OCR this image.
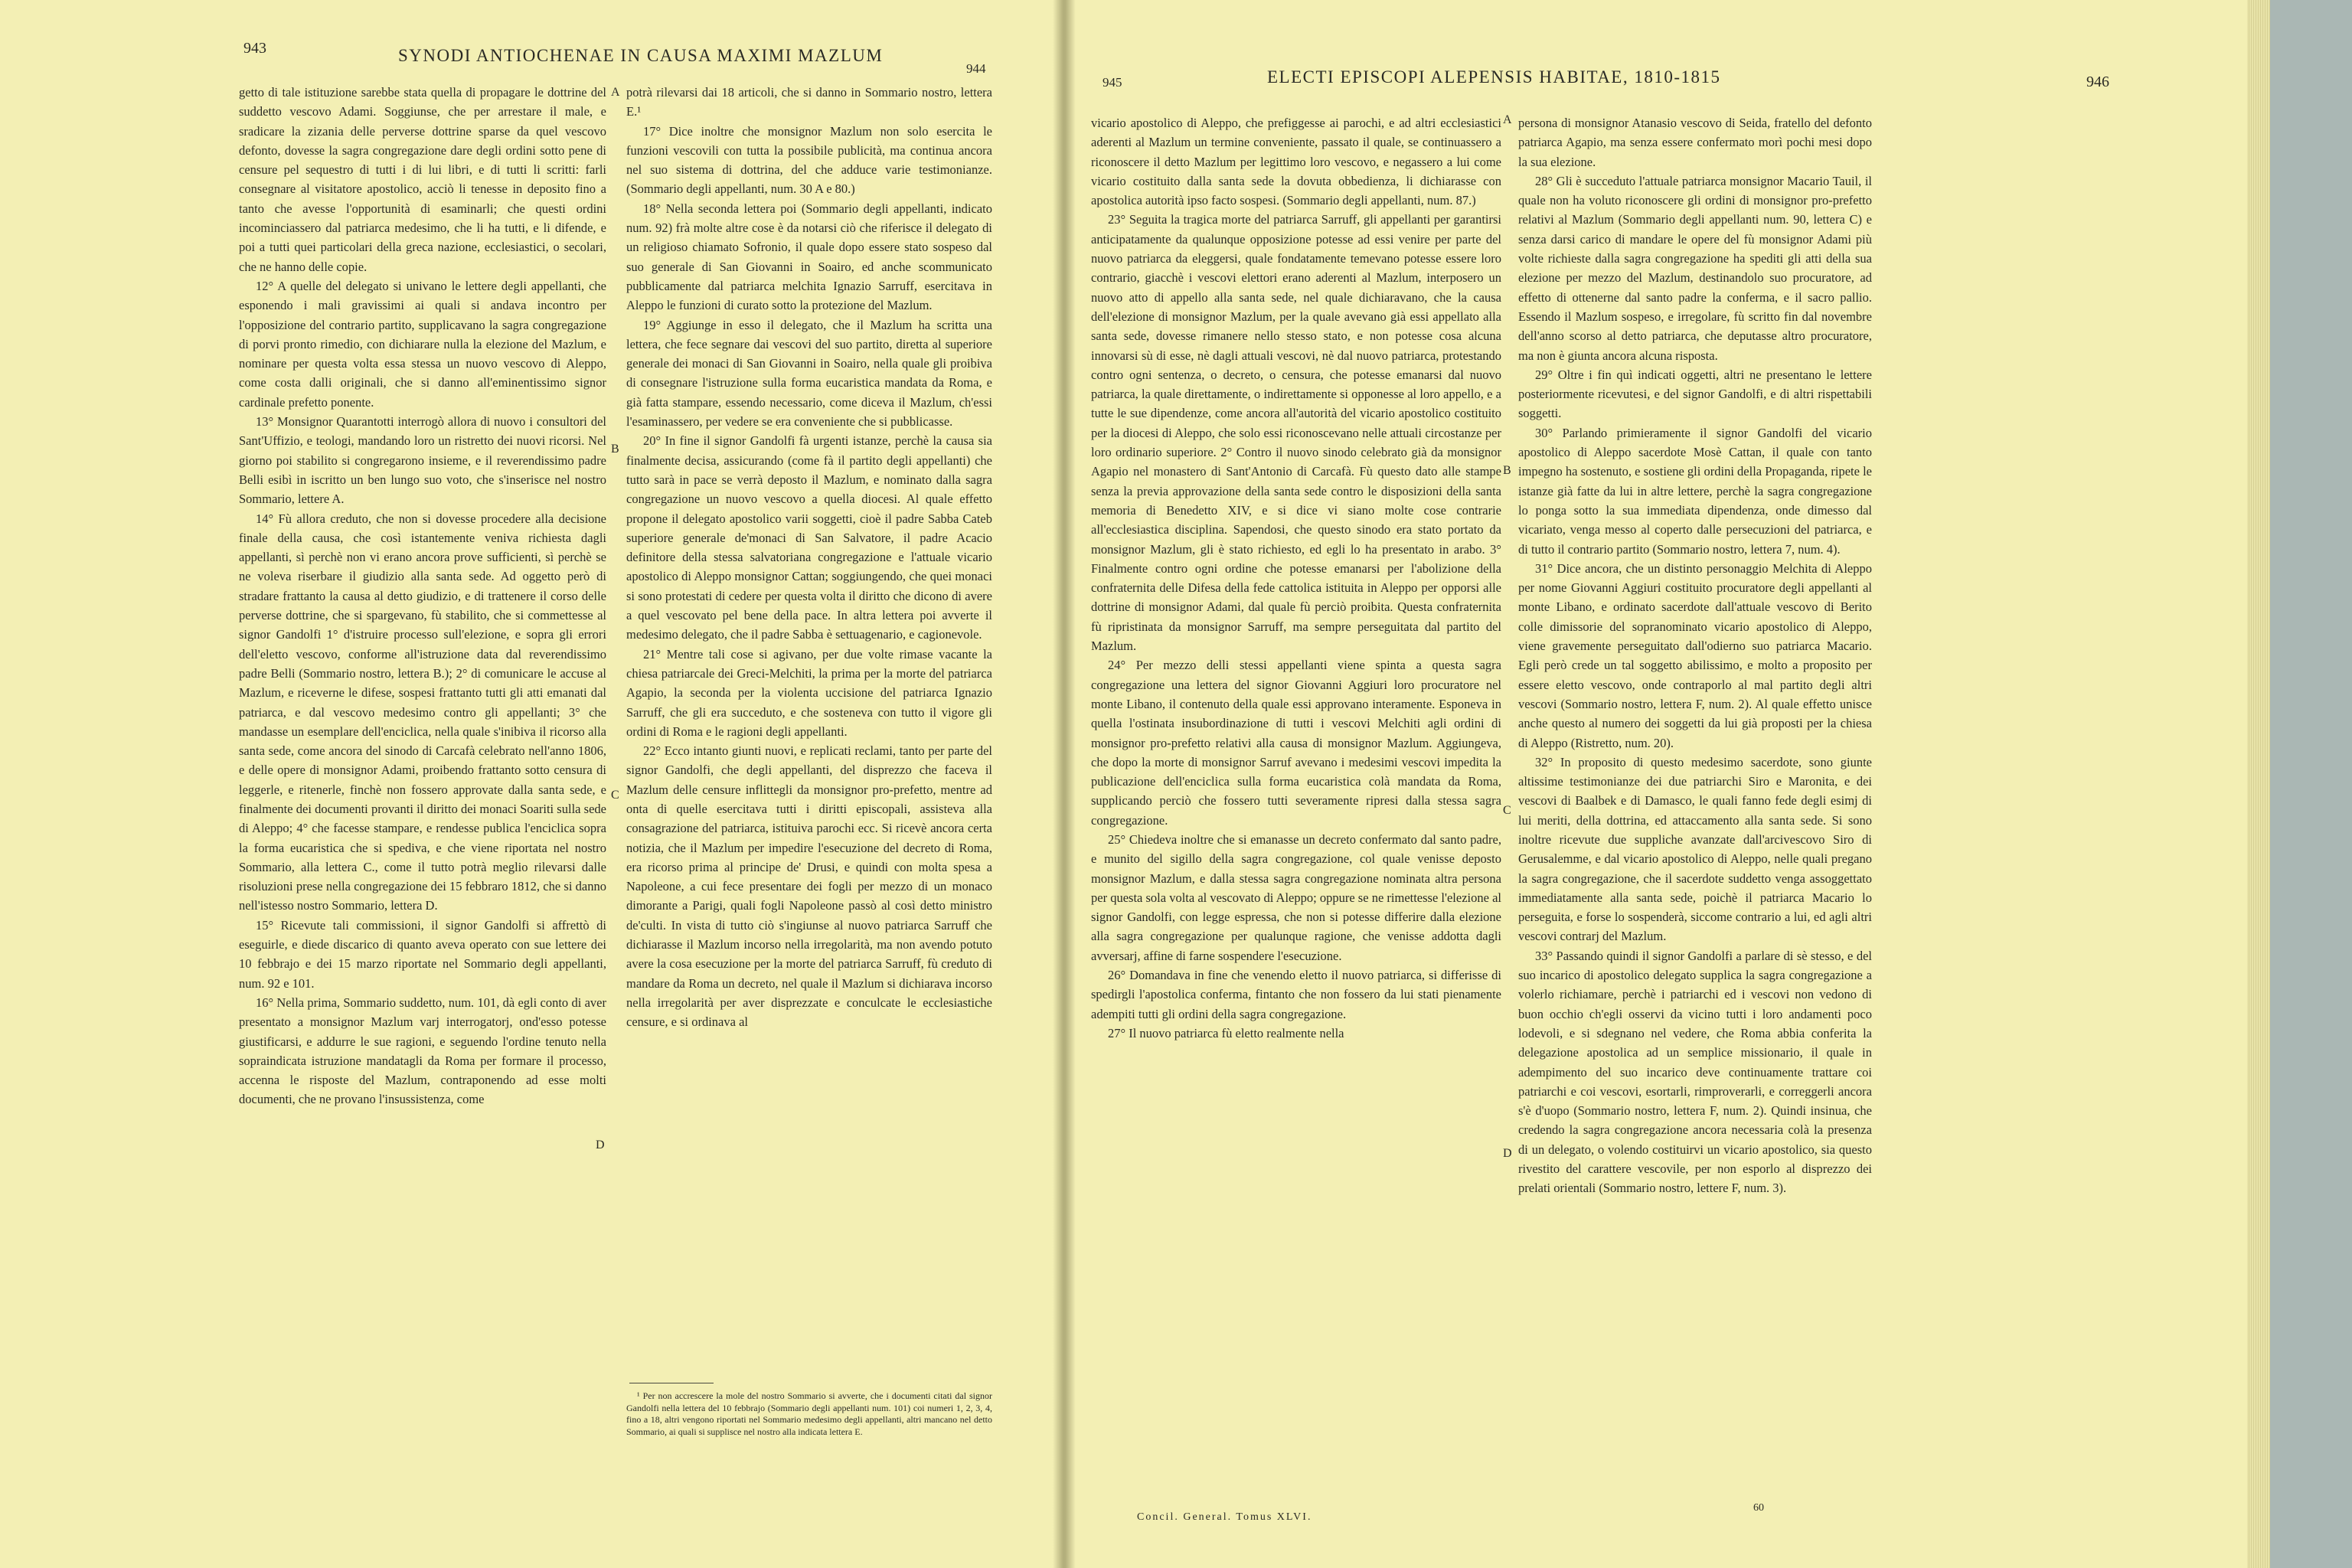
943	SYNODI ANTIOCHENAE IN CAUSA MAXIMI MAZLUM
944

getto di tale istituzione sarebbe stata quella di propagare le dottrine del suddetto vescovo Adami. Soggiunse, che per arrestare il male, e sradicare la zizania delle perverse dottrine sparse da quel vescovo defonto, dovesse la sagra congregazione dare degli ordini sotto pene di censure pel sequestro di tutti i di lui libri, e di tutti li scritti: farli consegnare al visitatore apostolico, acciò li tenesse in deposito fino a tanto che avesse l'opportunità di esaminarli; che questi ordini incominciassero dal patriarca medesimo, che li ha tutti, e li difende, e poi a tutti quei particolari della greca nazione, ecclesiastici, o secolari, che ne hanno delle copie.

12° A quelle del delegato si univano le lettere degli appellanti, che esponendo i mali gravissimi ai quali si andava incontro per l'opposizione del contrario partito, supplicavano la sagra congregazione di porvi pronto rimedio, con dichiarare nulla la elezione del Mazlum, e nominare per questa volta essa stessa un nuovo vescovo di Aleppo, come costa dalli originali, che si danno all'eminentissimo signor cardinale prefetto ponente.

13° Monsignor Quarantotti interrogò allora di nuovo i consultori del Sant'Uffizio, e teologi, mandando loro un ristretto dei nuovi ricorsi. Nel giorno poi stabilito si congregarono insieme, e il reverendissimo padre Belli esibì in iscritto un ben lungo suo voto, che s'inserisce nel nostro Sommario, lettere A.

14° Fù allora creduto, che non si dovesse procedere alla decisione finale della causa, che così istantemente veniva richiesta dagli appellanti, sì perchè non vi erano ancora prove sufficienti, sì perchè se ne voleva riserbare il giudizio alla santa sede. Ad oggetto però di stradare frattanto la causa al detto giudizio, e di trattenere il corso delle perverse dottrine, che si spargevano, fù stabilito, che si commettesse al signor Gandolfi 1° d'istruire processo sull'elezione, e sopra gli errori dell'eletto vescovo, conforme all'istruzione data dal reverendissimo padre Belli (Sommario nostro, lettera B.); 2° di comunicare le accuse al Mazlum, e riceverne le difese, sospesi frattanto tutti gli atti emanati dal patriarca, e dal vescovo medesimo contro gli appellanti; 3° che mandasse un esemplare dell'enciclica, nella quale s'inibiva il ricorso alla santa sede, come ancora del sinodo di Carcafà celebrato nell'anno 1806, e delle opere di monsignor Adami, proibendo frattanto sotto censura di leggerle, e ritenerle, finchè non fossero approvate dalla santa sede, e finalmente dei documenti provanti il diritto dei monaci Soariti sulla sede di Aleppo; 4° che facesse stampare, e rendesse publica l'enciclica sopra la forma eucaristica che si spediva, e che viene riportata nel nostro Sommario, alla lettera C., come il tutto potrà meglio rilevarsi dalle risoluzioni prese nella congregazione dei 15 febbraro 1812, che si danno nell'istesso nostro Sommario, lettera D.

15° Ricevute tali commissioni, il signor Gandolfi si affrettò di eseguirle, e diede discarico di quanto aveva operato con sue lettere dei 10 febbrajo e dei 15 marzo riportate nel Sommario degli appellanti, num. 92 e 101.

16° Nella prima, Sommario suddetto, num. 101, dà egli conto di aver presentato a monsignor Mazlum varj interrogatorj, ond'esso potesse giustificarsi, e addurre le sue ragioni, e seguendo l'ordine tenuto nella sopraindicata istruzione mandatagli da Roma per formare il processo, accenna le risposte del Mazlum, contraponendo ad esse molti documenti, che ne provano l'insussistenza, come

potrà rilevarsi dai 18 articoli, che si danno in Sommario nostro, lettera E.¹

17° Dice inoltre che monsignor Mazlum non solo esercita le funzioni vescovili con tutta la possibile publicità, ma continua ancora nel suo sistema di dottrina, del che adduce varie testimonianze. (Sommario degli appellanti, num. 30 A e 80.)

18° Nella seconda lettera poi (Sommario degli appellanti, indicato num. 92) frà molte altre cose è da notarsi ciò che riferisce il delegato di un religioso chiamato Sofronio, il quale dopo essere stato sospeso dal suo generale di San Giovanni in Soairo, ed anche scommunicato pubblicamente dal patriarca melchita Ignazio Sarruff, esercitava in Aleppo le funzioni di curato sotto la protezione del Mazlum.

19° Aggiunge in esso il delegato, che il Mazlum ha scritta una lettera, che fece segnare dai vescovi del suo partito, diretta al superiore generale dei monaci di San Giovanni in Soairo, nella quale gli proibiva di consegnare l'istruzione sulla forma eucaristica mandata da Roma, e già fatta stampare, essendo necessario, come diceva il Mazlum, ch'essi l'esaminassero, per vedere se era conveniente che si pubblicasse.

20° In fine il signor Gandolfi fà urgenti istanze, perchè la causa sia finalmente decisa, assicurando (come fà il partito degli appellanti) che tutto sarà in pace se verrà deposto il Mazlum, e nominato dalla sagra congregazione un nuovo vescovo a quella diocesi. Al quale effetto propone il delegato apostolico varii soggetti, cioè il padre Sabba Cateb superiore generale de'monaci di San Salvatore, il padre Acacio definitore della stessa salvatoriana congregazione e l'attuale vicario apostolico di Aleppo monsignor Cattan; soggiungendo, che quei monaci si sono protestati di cedere per questa volta il diritto che dicono di avere a quel vescovato pel bene della pace. In altra lettera poi avverte il medesimo delegato, che il padre Sabba è settuagenario, e cagionevole.

21° Mentre tali cose si agivano, per due volte rimase vacante la chiesa patriarcale dei Greci-Melchiti, la prima per la morte del patriarca Agapio, la seconda per la violenta uccisione del patriarca Ignazio Sarruff, che gli era succeduto, e che sosteneva con tutto il vigore gli ordini di Roma e le ragioni degli appellanti.

22° Ecco intanto giunti nuovi, e replicati reclami, tanto per parte del signor Gandolfi, che degli appellanti, del disprezzo che faceva il Mazlum delle censure inflittegli da monsignor pro-prefetto, mentre ad onta di quelle esercitava tutti i diritti episcopali, assisteva alla consagrazione del patriarca, istituiva parochi ecc. Si ricevè ancora certa notizia, che il Mazlum per impedire l'esecuzione del decreto di Roma, era ricorso prima al principe de' Drusi, e quindi con molta spesa a Napoleone, a cui fece presentare dei fogli per mezzo di un monaco dimorante a Parigi, quali fogli Napoleone passò al così detto ministro de'culti. In vista di tutto ciò s'ingiunse al nuovo patriarca Sarruff che dichiarasse il Mazlum incorso nella irregolarità, ma non avendo potuto avere la cosa esecuzione per la morte del patriarca Sarruff, fù creduto di mandare da Roma un decreto, nel quale il Mazlum si dichiarava incorso nella irregolarità per aver disprezzate e conculcate le ecclesiastiche censure, e si ordinava al

A
B
C
D

¹ Per non accrescere la mole del nostro Sommario si avverte, che i documenti citati dal signor Gandolfi nella lettera del 10 febbrajo (Sommario degli appellanti num. 101) coi numeri 1, 2, 3, 4, fino a 18, altri vengono riportati nel Sommario medesimo degli appellanti, altri mancano nel detto Sommario, ai quali si supplisce nel nostro alla indicata lettera E.

945	ELECTI EPISCOPI ALEPENSIS HABITAE, 1810-1815	946

vicario apostolico di Aleppo, che prefiggesse ai parochi, e ad altri ecclesiastici aderenti al Mazlum un termine conveniente, passato il quale, se continuassero a riconoscere il detto Mazlum per legittimo loro vescovo, e negassero a lui come vicario costituito dalla santa sede la dovuta obbedienza, li dichiarasse con apostolica autorità ipso facto sospesi. (Sommario degli appellanti, num. 87.)

23° Seguita la tragica morte del patriarca Sarruff, gli appellanti per garantirsi anticipatamente da qualunque opposizione potesse ad essi venire per parte del nuovo patriarca da eleggersi, quale fondatamente temevano potesse essere loro contrario, giacchè i vescovi elettori erano aderenti al Mazlum, interposero un nuovo atto di appello alla santa sede, nel quale dichiaravano, che la causa dell'elezione di monsignor Mazlum, per la quale avevano già essi appellato alla santa sede, dovesse rimanere nello stesso stato, e non potesse cosa alcuna innovarsi sù di esse, nè dagli attuali vescovi, nè dal nuovo patriarca, protestando contro ogni sentenza, o decreto, o censura, che potesse emanarsi dal nuovo patriarca, la quale direttamente, o indirettamente si opponesse al loro appello, e a tutte le sue dipendenze, come ancora all'autorità del vicario apostolico costituito per la diocesi di Aleppo, che solo essi riconoscevano nelle attuali circostanze per loro ordinario superiore. 2° Contro il nuovo sinodo celebrato già da monsignor Agapio nel monastero di Sant'Antonio di Carcafà. Fù questo dato alle stampe senza la previa approvazione della santa sede contro le disposizioni della santa memoria di Benedetto XIV, e si dice vi siano molte cose contrarie all'ecclesiastica disciplina. Sapendosi, che questo sinodo era stato portato da monsignor Mazlum, gli è stato richiesto, ed egli lo ha presentato in arabo. 3° Finalmente contro ogni ordine che potesse emanarsi per l'abolizione della confraternita delle Difesa della fede cattolica istituita in Aleppo per opporsi alle dottrine di monsignor Adami, dal quale fù perciò proibita. Questa confraternita fù ripristinata da monsignor Sarruff, ma sempre perseguitata dal partito del Mazlum.

24° Per mezzo delli stessi appellanti viene spinta a questa sagra congregazione una lettera del signor Giovanni Aggiuri loro procuratore nel monte Libano, il contenuto della quale essi approvano interamente. Esponeva in quella l'ostinata insubordinazione di tutti i vescovi Melchiti agli ordini di monsignor pro-prefetto relativi alla causa di monsignor Mazlum. Aggiungeva, che dopo la morte di monsignor Sarruf avevano i medesimi vescovi impedita la publicazione dell'enciclica sulla forma eucaristica colà mandata da Roma, supplicando perciò che fossero tutti severamente ripresi dalla stessa sagra congregazione.

25° Chiedeva inoltre che si emanasse un decreto confermato dal santo padre, e munito del sigillo della sagra congregazione, col quale venisse deposto monsignor Mazlum, e dalla stessa sagra congregazione nominata altra persona per questa sola volta al vescovato di Aleppo; oppure se ne rimettesse l'elezione al signor Gandolfi, con legge espressa, che non si potesse differire dalla elezione alla sagra congregazione per qualunque ragione, che venisse addotta dagli avversarj, affine di farne sospendere l'esecuzione.

26° Domandava in fine che venendo eletto il nuovo patriarca, si differisse di spedirgli l'apostolica conferma, fintanto che non fossero da lui stati pienamente adempiti tutti gli ordini della sagra congregazione.

27° Il nuovo patriarca fù eletto realmente nella

persona di monsignor Atanasio vescovo di Seida, fratello del defonto patriarca Agapio, ma senza essere confermato morì pochi mesi dopo la sua elezione.

28° Gli è succeduto l'attuale patriarca monsignor Macario Tauil, il quale non ha voluto riconoscere gli ordini di monsignor pro-prefetto relativi al Mazlum (Sommario degli appellanti num. 90, lettera C) e senza darsi carico di mandare le opere del fù monsignor Adami più volte richieste dalla sagra congregazione ha spediti gli atti della sua elezione per mezzo del Mazlum, destinandolo suo procuratore, ad effetto di ottenerne dal santo padre la conferma, e il sacro pallio. Essendo il Mazlum sospeso, e irregolare, fù scritto fin dal novembre dell'anno scorso al detto patriarca, che deputasse altro procuratore, ma non è giunta ancora alcuna risposta.

29° Oltre i fin quì indicati oggetti, altri ne presentano le lettere posteriormente ricevutesi, e del signor Gandolfi, e di altri rispettabili soggetti.

30° Parlando primieramente il signor Gandolfi del vicario apostolico di Aleppo sacerdote Mosè Cattan, il quale con tanto impegno ha sostenuto, e sostiene gli ordini della Propaganda, ripete le istanze già fatte da lui in altre lettere, perchè la sagra congregazione lo ponga sotto la sua immediata dipendenza, onde dimesso dal vicariato, venga messo al coperto dalle persecuzioni del patriarca, e di tutto il contrario partito (Sommario nostro, lettera 7, num. 4).

31° Dice ancora, che un distinto personaggio Melchita di Aleppo per nome Giovanni Aggiuri costituito procuratore degli appellanti al monte Libano, e ordinato sacerdote dall'attuale vescovo di Berito colle dimissorie del sopranominato vicario apostolico di Aleppo, viene gravemente perseguitato dall'odierno suo patriarca Macario. Egli però crede un tal soggetto abilissimo, e molto a proposito per essere eletto vescovo, onde contraporlo al mal partito degli altri vescovi (Sommario nostro, lettera F, num. 2). Al quale effetto unisce anche questo al numero dei soggetti da lui già proposti per la chiesa di Aleppo (Ristretto, num. 20).

32° In proposito di questo medesimo sacerdote, sono giunte altissime testimonianze dei due patriarchi Siro e Maronita, e dei vescovi di Baalbek e di Damasco, le quali fanno fede degli esimj di lui meriti, della dottrina, ed attaccamento alla santa sede. Si sono inoltre ricevute due suppliche avanzate dall'arcivescovo Siro di Gerusalemme, e dal vicario apostolico di Aleppo, nelle quali pregano la sagra congregazione, che il sacerdote suddetto venga assoggettato immediatamente alla santa sede, poichè il patriarca Macario lo perseguita, e forse lo sospenderà, siccome contrario a lui, ed agli altri vescovi contrarj del Mazlum.

33° Passando quindi il signor Gandolfi a parlare di sè stesso, e del suo incarico di apostolico delegato supplica la sagra congregazione a volerlo richiamare, perchè i patriarchi ed i vescovi non vedono di buon occhio ch'egli osservi da vicino tutti i loro andamenti poco lodevoli, e si sdegnano nel vedere, che Roma abbia conferita la delegazione apostolica ad un semplice missionario, il quale in adempimento del suo incarico deve continuamente trattare coi patriarchi e coi vescovi, esortarli, rimproverarli, e correggerli ancora s'è d'uopo (Sommario nostro, lettera F, num. 2). Quindi insinua, che credendo la sagra congregazione ancora necessaria colà la presenza di un delegato, o volendo costituirvi un vicario apostolico, sia questo rivestito del carattere vescovile, per non esporlo al disprezzo dei prelati orientali (Sommario nostro, lettere F, num. 3).

A
B
C
D
Concil. General. Tomus XLVI.
60
